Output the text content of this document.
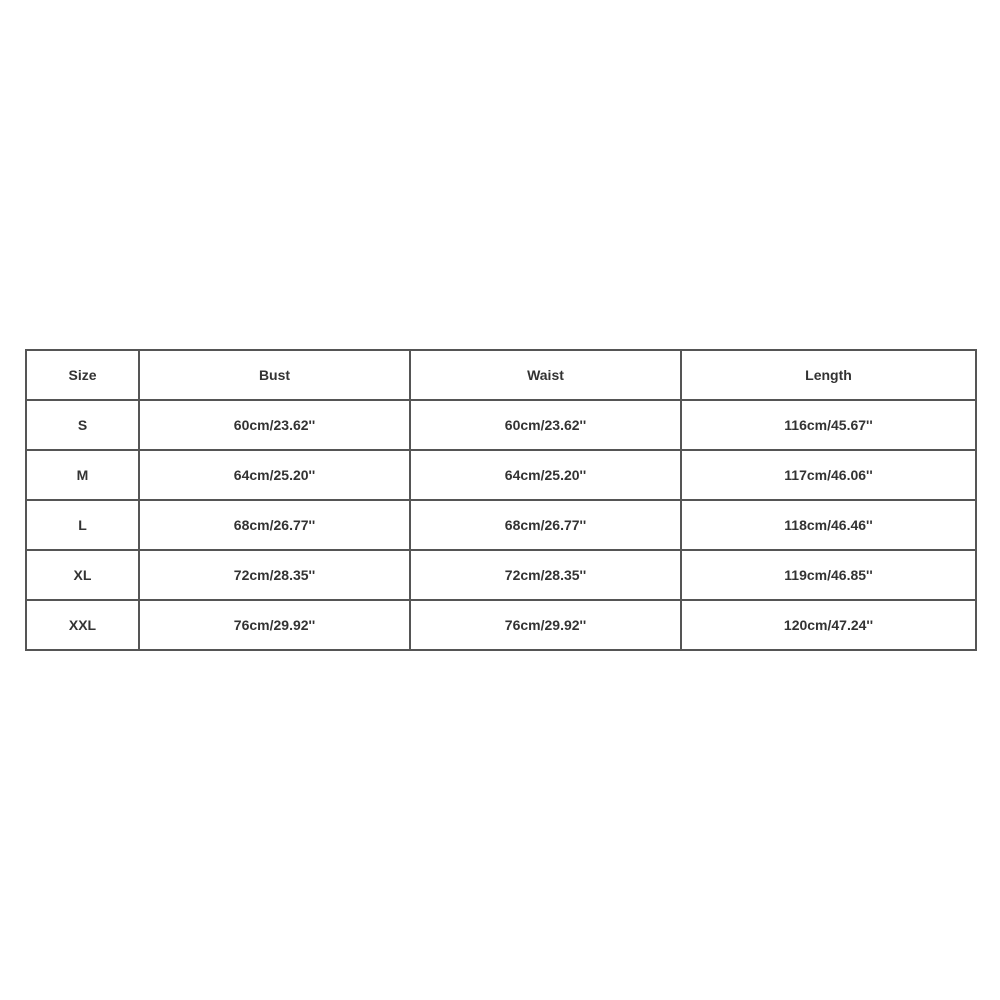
Size	Bust	Waist	Length
S	60cm/23.62''	60cm/23.62''	116cm/45.67''
M	64cm/25.20''	64cm/25.20''	117cm/46.06''
L	68cm/26.77''	68cm/26.77''	118cm/46.46''
XL	72cm/28.35''	72cm/28.35''	119cm/46.85''
XXL	76cm/29.92''	76cm/29.92''	120cm/47.24''
